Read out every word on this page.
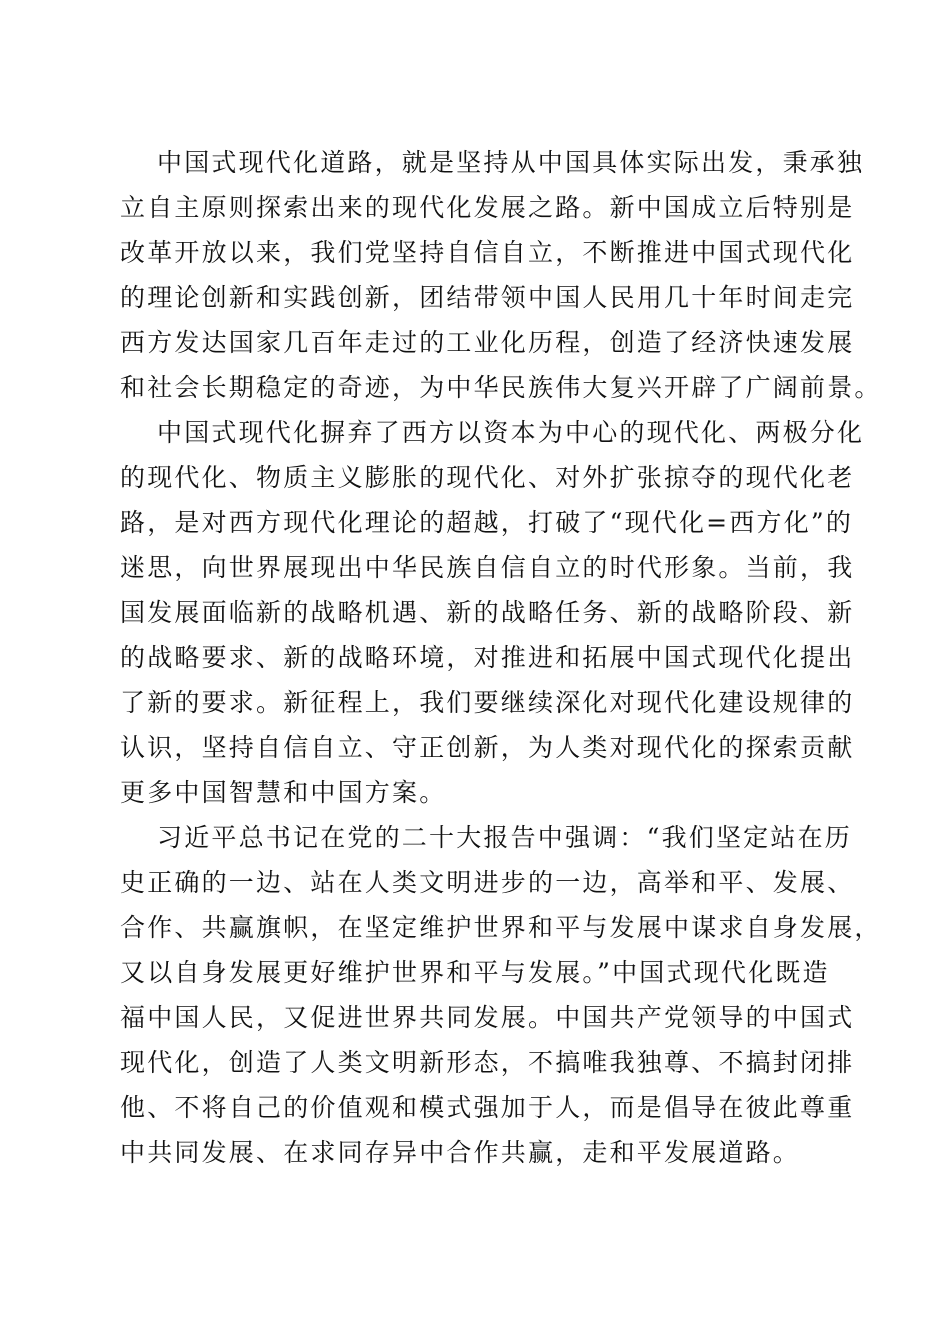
中国式现代化道路，就是坚持从中国具体实际出发，秉承独
立自主原则探索出来的现代化发展之路。新中国成立后特别是
改革开放以来，我们党坚持自信自立，不断推进中国式现代化
的理论创新和实践创新，团结带领中国人民用几十年时间走完
西方发达国家几百年走过的工业化历程，创造了经济快速发展
和社会长期稳定的奇迹，为中华民族伟大复兴开辟了广阔前景。
中国式现代化摒弃了西方以资本为中心的现代化、两极分化
的现代化、物质主义膨胀的现代化、对外扩张掠夺的现代化老
路，是对西方现代化理论的超越，打破了“现代化=西方化”的
迷思，向世界展现出中华民族自信自立的时代形象。当前，我
国发展面临新的战略机遇、新的战略任务、新的战略阶段、新
的战略要求、新的战略环境，对推进和拓展中国式现代化提出
了新的要求。新征程上，我们要继续深化对现代化建设规律的
认识，坚持自信自立、守正创新，为人类对现代化的探索贡献
更多中国智慧和中国方案。
习近平总书记在党的二十大报告中强调：“我们坚定站在历
史正确的一边、站在人类文明进步的一边，高举和平、发展、
合作、共赢旗帜，在坚定维护世界和平与发展中谋求自身发展，
又以自身发展更好维护世界和平与发展。”中国式现代化既造
福中国人民，又促进世界共同发展。中国共产党领导的中国式
现代化，创造了人类文明新形态，不搞唯我独尊、不搞封闭排
他、不将自己的价值观和模式强加于人，而是倡导在彼此尊重
中共同发展、在求同存异中合作共赢，走和平发展道路。
